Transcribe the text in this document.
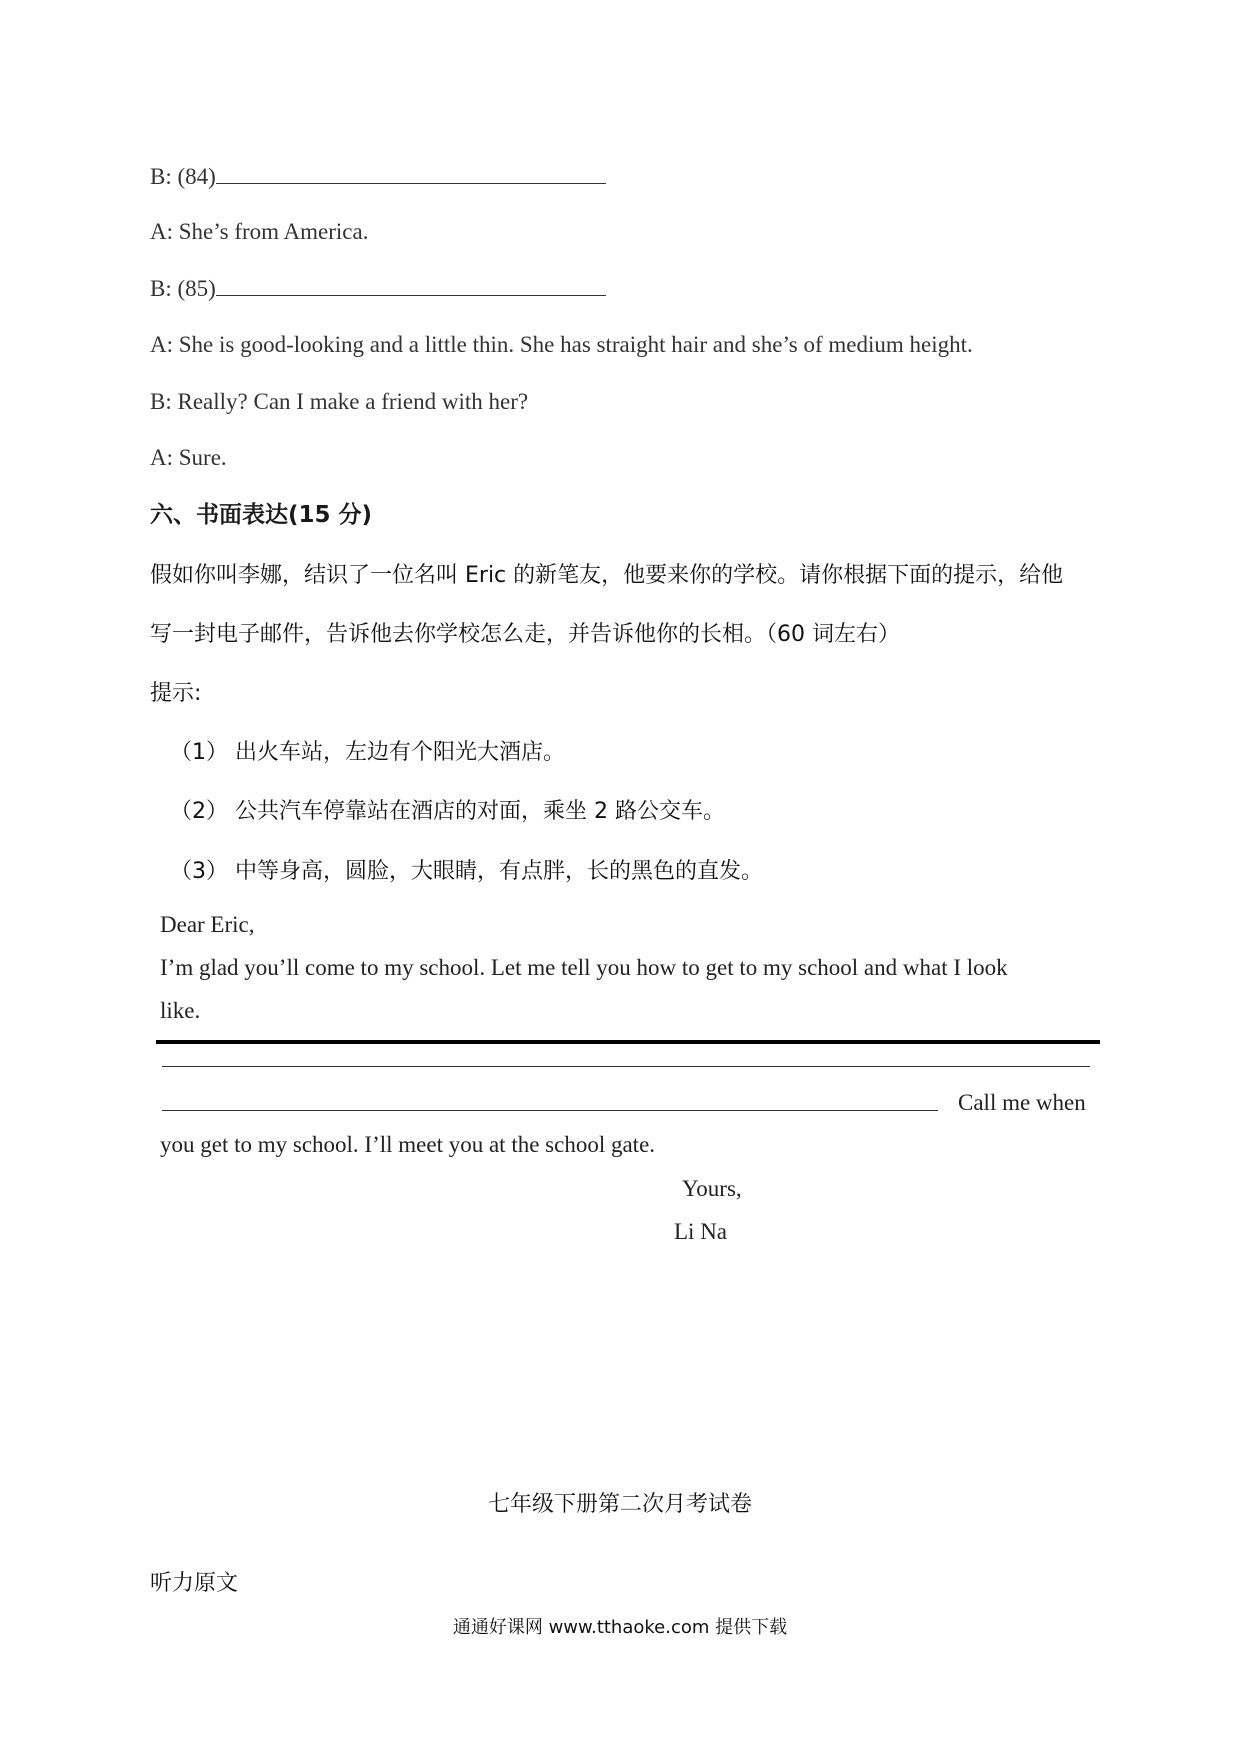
B: (84)
A: She’s from America.
B: (85)
A: She is good-looking and a little thin. She has straight hair and she’s of medium height.
B: Really? Can I make a friend with her?
A: Sure.
六、书面表达(15 分)
假如你叫李娜，结识了一位名叫 Eric 的新笔友，他要来你的学校。请你根据下面的提示，给他
写一封电子邮件，告诉他去你学校怎么走，并告诉他你的长相。（60 词左右）
提示:
（1） 出火车站，左边有个阳光大酒店。
（2） 公共汽车停靠站在酒店的对面，乘坐 2 路公交车。
（3） 中等身高，圆脸，大眼睛，有点胖，长的黑色的直发。
Dear Eric,
I’m glad you’ll come to my school. Let me tell you how to get to my school and what I look
like.
Call me when
you get to my school. I’ll meet you at the school gate.
Yours,
Li Na
七年级下册第二次月考试卷
听力原文
通通好课网 www.tthaoke.com 提供下载
